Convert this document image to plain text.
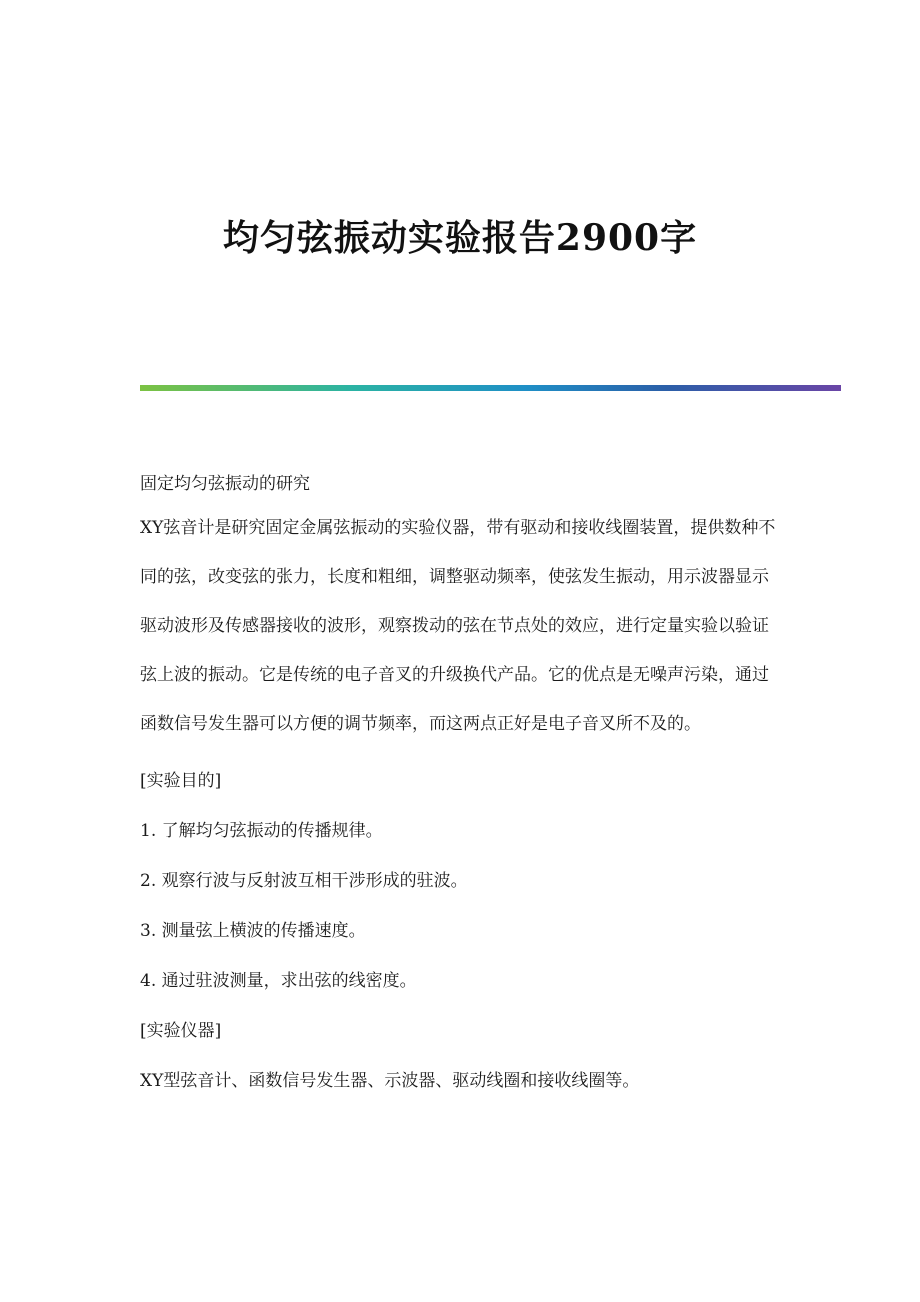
均匀弦振动实验报告2900字

固定均匀弦振动的研究

XY弦音计是研究固定金属弦振动的实验仪器，带有驱动和接收线圈装置，提供数种不同的弦，改变弦的张力，长度和粗细，调整驱动频率，使弦发生振动，用示波器显示驱动波形及传感器接收的波形，观察拨动的弦在节点处的效应，进行定量实验以验证弦上波的振动。它是传统的电子音叉的升级换代产品。它的优点是无噪声污染，通过函数信号发生器可以方便的调节频率，而这两点正好是电子音叉所不及的。

[实验目的]

1. 了解均匀弦振动的传播规律。

2. 观察行波与反射波互相干涉形成的驻波。

3. 测量弦上横波的传播速度。

4. 通过驻波测量，求出弦的线密度。

[实验仪器]

XY型弦音计、函数信号发生器、示波器、驱动线圈和接收线圈等。
